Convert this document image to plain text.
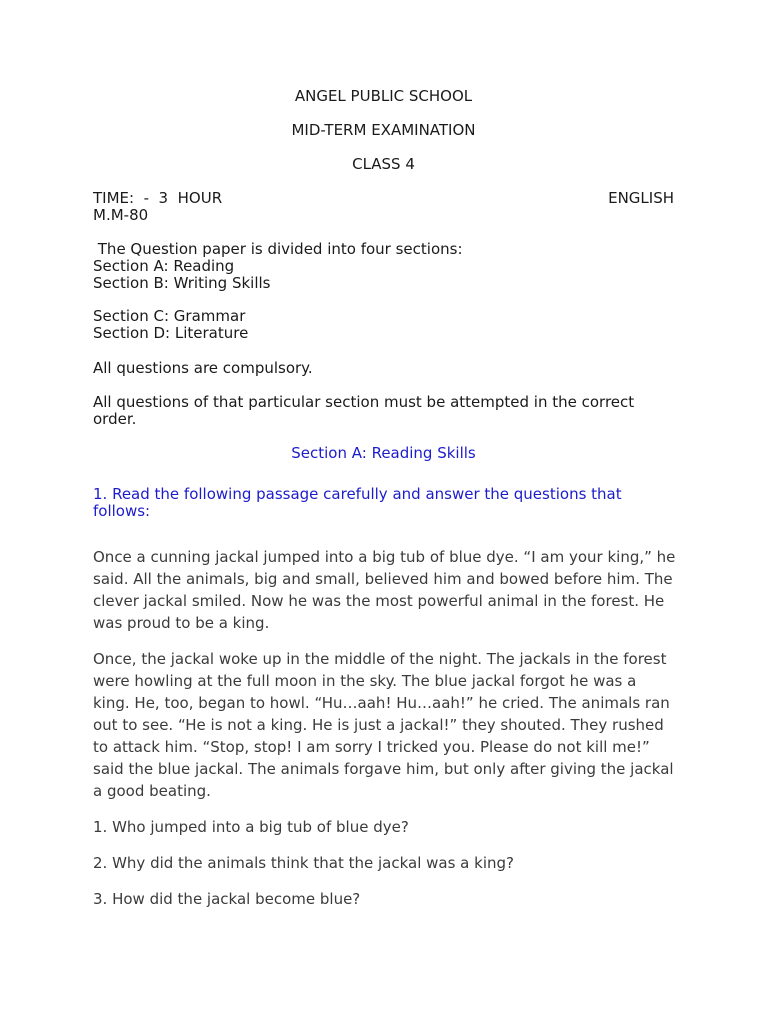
ANGEL PUBLIC SCHOOL
MID-TERM EXAMINATION
CLASS 4
TIME:  -  3  HOUR	ENGLISH
M.M-80
The Question paper is divided into four sections:
Section A: Reading
Section B: Writing Skills
Section C: Grammar
Section D: Literature
All questions are compulsory.
All questions of that particular section must be attempted in the correct order.
Section A: Reading Skills
1. Read the following passage carefully and answer the questions that follows:
Once a cunning jackal jumped into a big tub of blue dye. “I am your king,” he said. All the animals, big and small, believed him and bowed before him. The clever jackal smiled. Now he was the most powerful animal in the forest. He was proud to be a king.
Once, the jackal woke up in the middle of the night. The jackals in the forest were howling at the full moon in the sky. The blue jackal forgot he was a king. He, too, began to howl. “Hu…aah! Hu…aah!” he cried. The animals ran out to see. “He is not a king. He is just a jackal!” they shouted. They rushed to attack him. “Stop, stop! I am sorry I tricked you. Please do not kill me!” said the blue jackal. The animals forgave him, but only after giving the jackal a good beating.
1. Who jumped into a big tub of blue dye?
2. Why did the animals think that the jackal was a king?
3. How did the jackal become blue?
